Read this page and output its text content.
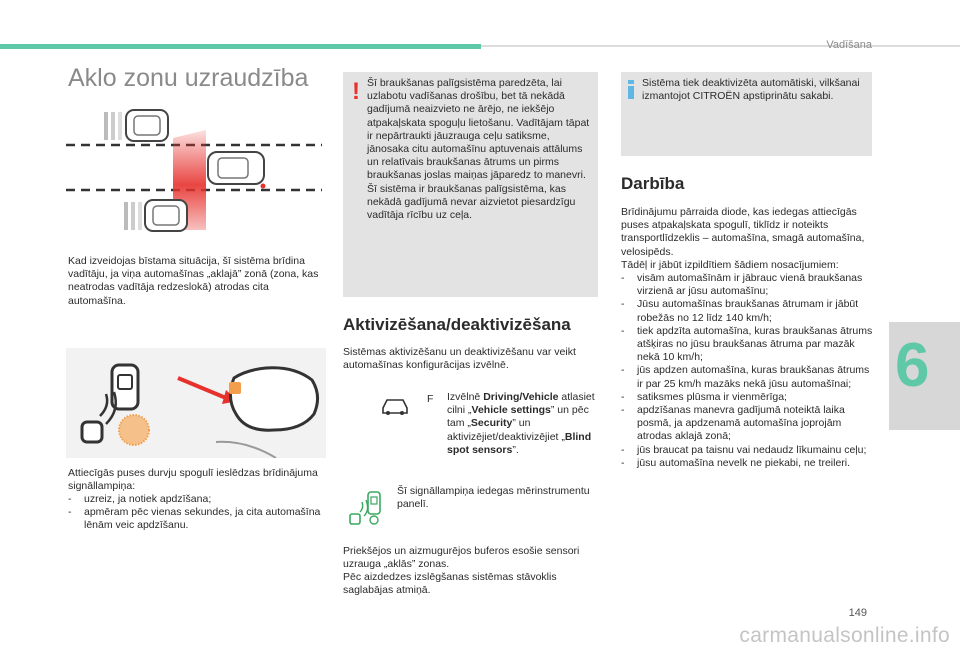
Vadīšana
6
Aklo zonu uzraudzība
Kad izveidojas bīstama situācija, šī sistēma brīdina vadītāju, ja viņa automašīnas „aklajā” zonā (zona, kas neatrodas vadītāja redzeslokā) atrodas cita automašīna.
Attiecīgās puses durvju spogulī ieslēdzas brīdinājuma signāllampiņa:
- uzreiz, ja notiek apdzīšana;
- apmēram pēc vienas sekundes, ja cita automašīna lēnām veic apdzīšanu.
! Šī braukšanas palīgsistēma paredzēta, lai uzlabotu vadīšanas drošību, bet tā nekādā gadījumā neaizvieto ne ārējo, ne iekšējo atpakaļskata spoguļu lietošanu. Vadītājam tāpat ir nepārtraukti jāuzrauga ceļu satiksme, jānosaka citu automašīnu aptuvenais attālums un relatīvais braukšanas ātrums un pirms braukšanas joslas maiņas jāparedz to manevri. Šī sistēma ir braukšanas palīgsistēma, kas nekādā gadījumā nevar aizvietot piesardzīgu vadītāja rīcību uz ceļa.
Aktivizēšana/deaktivizēšana
Sistēmas aktivizēšanu un deaktivizēšanu var veikt automašīnas konfigurācijas izvēlnē.
F	Izvēlnē Driving/Vehicle atlasiet cilni „Vehicle settings” un pēc tam „Security” un aktivizējiet/deaktivizējiet „Blind spot sensors”.
Šī signāllampiņa iedegas mērinstrumentu panelī.
Priekšējos un aizmugurējos buferos esošie sensori uzrauga „aklās” zonas.
Pēc aizdedzes izslēgšanas sistēmas stāvoklis saglabājas atmiņā.
Sistēma tiek deaktivizēta automātiski, vilkšanai izmantojot CITROËN apstiprinātu sakabi.
Darbība
Brīdinājumu pārraida diode, kas iedegas attiecīgās puses atpakaļskata spogulī, tiklīdz ir noteikts transportlīdzeklis – automašīna, smagā automašīna, velosipēds.
Tādēļ ir jābūt izpildītiem šādiem nosacījumiem:
- visām automašīnām ir jābrauc vienā braukšanas virzienā ar jūsu automašīnu;
- Jūsu automašīnas braukšanas ātrumam ir jābūt robežās no 12 līdz 140 km/h;
- tiek apdzīta automašīna, kuras braukšanas ātrums atšķiras no jūsu braukšanas ātruma par mazāk nekā 10 km/h;
- jūs apdzen automašīna, kuras braukšanas ātrums ir par 25 km/h mazāks nekā jūsu automašīnai;
- satiksmes plūsma ir vienmērīga;
- apdzīšanas manevra gadījumā noteiktā laika posmā, ja apdzenamā automašīna joprojām atrodas aklajā zonā;
- jūs braucat pa taisnu vai nedaudz līkumainu ceļu;
- jūsu automašīna nevelk ne piekabi, ne treileri.
149
carmanualsonline.info
